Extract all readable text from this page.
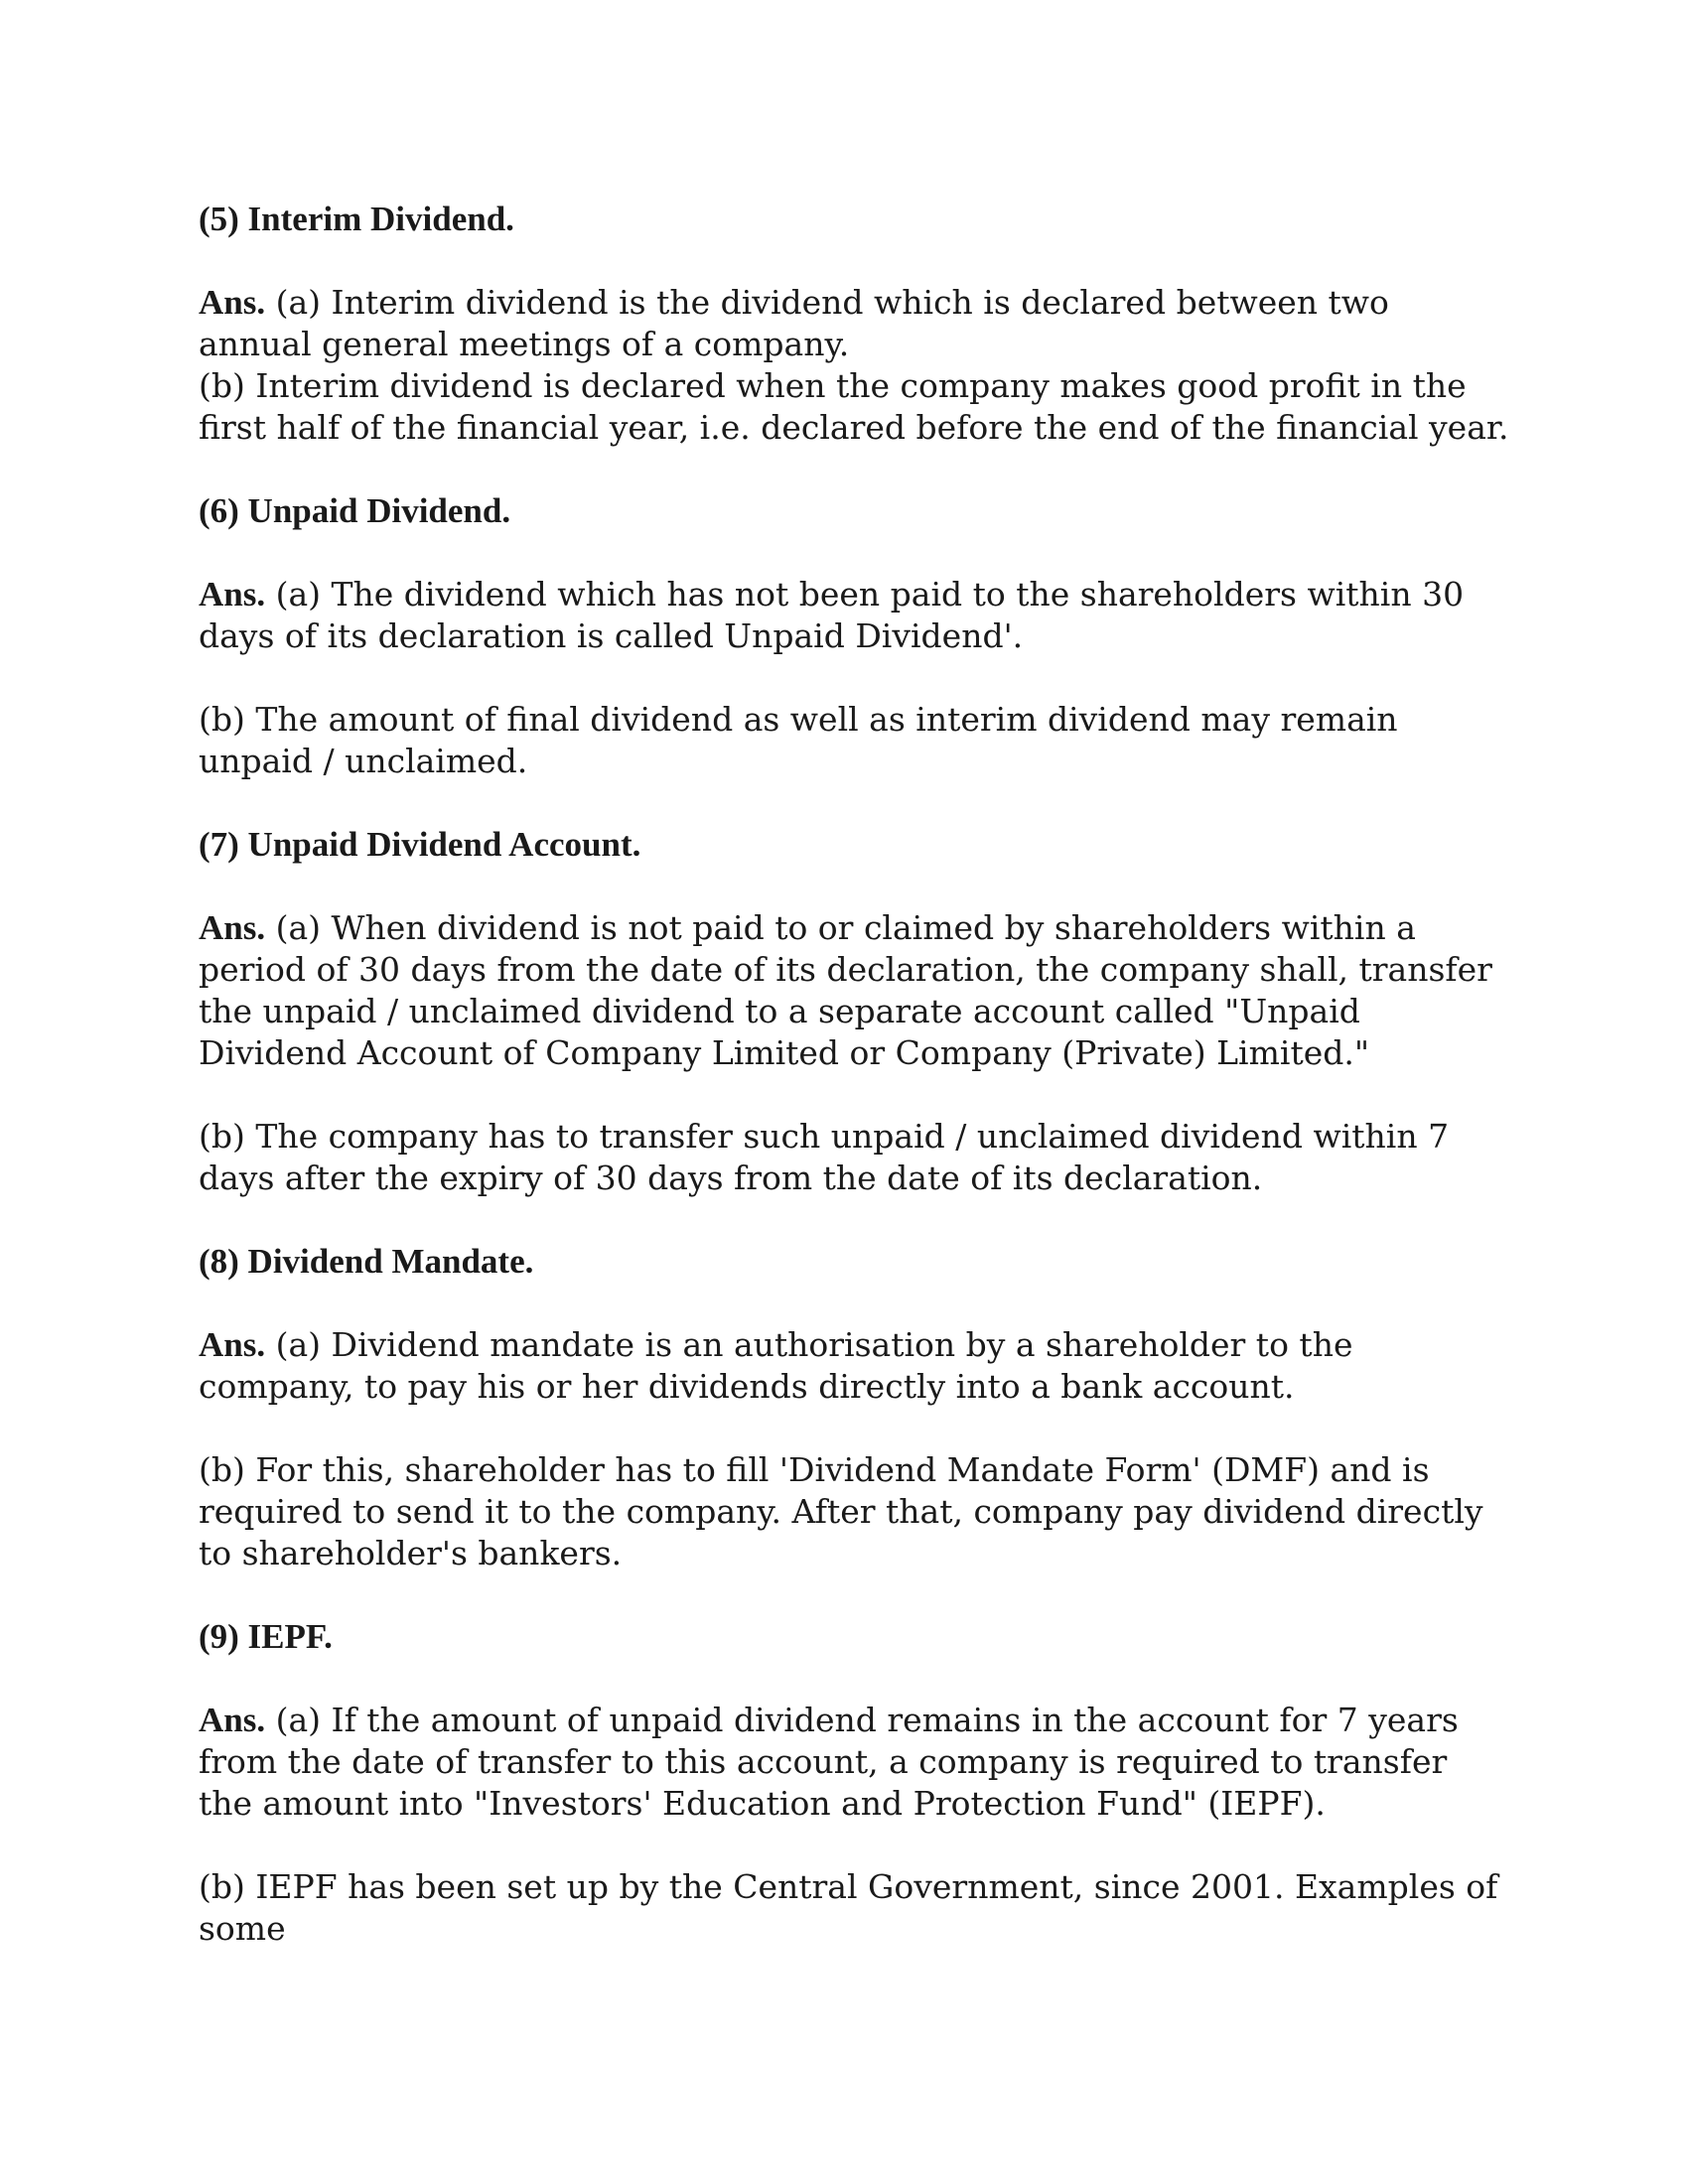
(5) Interim Dividend.
Ans. (a) Interim dividend is the dividend which is declared between two annual general meetings of a company.
(b) Interim dividend is declared when the company makes good profit in the first half of the financial year, i.e. declared before the end of the financial year.
(6) Unpaid Dividend.
Ans. (a) The dividend which has not been paid to the shareholders within 30 days of its declaration is called Unpaid Dividend'.
(b) The amount of final dividend as well as interim dividend may remain unpaid / unclaimed.
(7) Unpaid Dividend Account.
Ans. (a) When dividend is not paid to or claimed by shareholders within a period of 30 days from the date of its declaration, the company shall, transfer the unpaid / unclaimed dividend to a separate account called "Unpaid Dividend Account of Company Limited or Company (Private) Limited."
(b) The company has to transfer such unpaid / unclaimed dividend within 7 days after the expiry of 30 days from the date of its declaration.
(8) Dividend Mandate.
Ans. (a) Dividend mandate is an authorisation by a shareholder to the company, to pay his or her dividends directly into a bank account.
(b) For this, shareholder has to fill 'Dividend Mandate Form' (DMF) and is required to send it to the company. After that, company pay dividend directly to shareholder's bankers.
(9) IEPF.
Ans. (a) If the amount of unpaid dividend remains in the account for 7 years from the date of transfer to this account, a company is required to transfer the amount into "Investors' Education and Protection Fund" (IEPF).
(b) IEPF has been set up by the Central Government, since 2001. Examples of some
